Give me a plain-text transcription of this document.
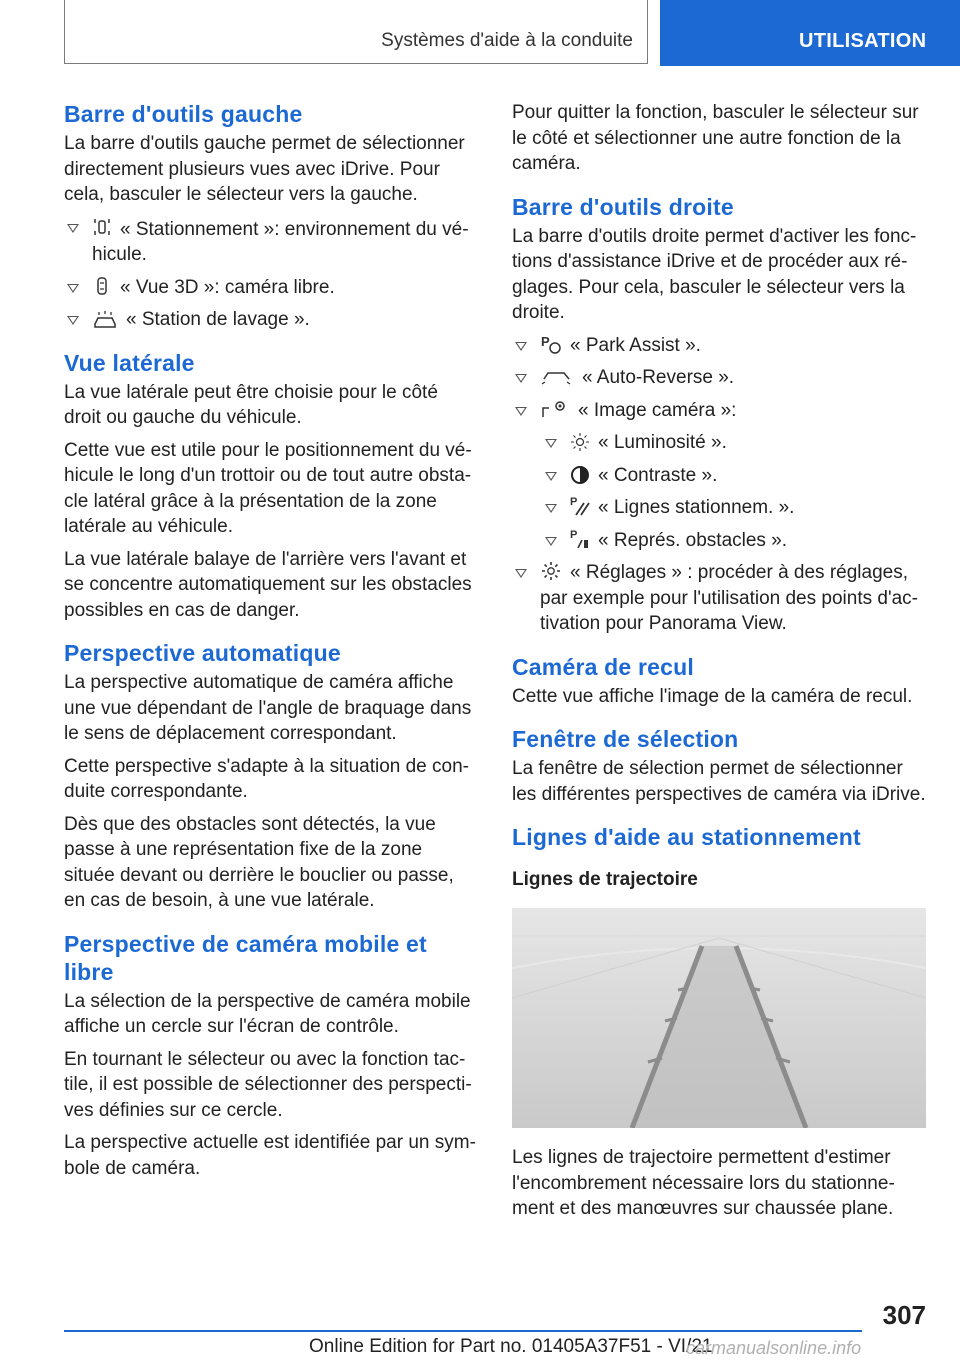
Systèmes d'aide à la conduite	UTILISATION
Barre d'outils gauche

La barre d'outils gauche permet de sélectionner directement plusieurs vues avec iDrive. Pour cela, basculer le sélecteur vers la gauche.

« Stationnement »: environnement du véhicule.
« Vue 3D »: caméra libre.
« Station de lavage ».
Vue latérale

La vue latérale peut être choisie pour le côté droit ou gauche du véhicule.

Cette vue est utile pour le positionnement du véhicule le long d'un trottoir ou de tout autre obstacle latéral grâce à la présentation de la zone latérale au véhicule.

La vue latérale balaye de l'arrière vers l'avant et se concentre automatiquement sur les obstacles possibles en cas de danger.

Perspective automatique

La perspective automatique de caméra affiche une vue dépendant de l'angle de braquage dans le sens de déplacement correspondant.

Cette perspective s'adapte à la situation de conduite correspondante.

Dès que des obstacles sont détectés, la vue passe à une représentation fixe de la zone située devant ou derrière le bouclier ou passe, en cas de besoin, à une vue latérale.

Perspective de caméra mobile et libre

La sélection de la perspective de caméra mobile affiche un cercle sur l'écran de contrôle.

En tournant le sélecteur ou avec la fonction tactile, il est possible de sélectionner des perspectives définies sur ce cercle.

La perspective actuelle est identifiée par un symbole de caméra.

Pour quitter la fonction, basculer le sélecteur sur le côté et sélectionner une autre fonction de la caméra.

Barre d'outils droite

La barre d'outils droite permet d'activer les fonctions d'assistance iDrive et de procéder aux réglages. Pour cela, basculer le sélecteur vers la droite.

P « Park Assist ».
« Auto-Reverse ».
« Image caméra »:
« Luminosité ».
« Contraste ».
P « Lignes stationnem. ».
P « Représ. obstacles ».
« Réglages » : procéder à des réglages, par exemple pour l'utilisation des points d'activation pour Panorama View.
Caméra de recul

Cette vue affiche l'image de la caméra de recul.

Fenêtre de sélection

La fenêtre de sélection permet de sélectionner les différentes perspectives de caméra via iDrive.

Lignes d'aide au stationnement
Lignes de trajectoire

Les lignes de trajectoire permettent d'estimer l'encombrement nécessaire lors du stationnement et des manœuvres sur chaussée plane.

307
Online Edition for Part no. 01405A37F51 - VI/21
carmanualsonline.info
